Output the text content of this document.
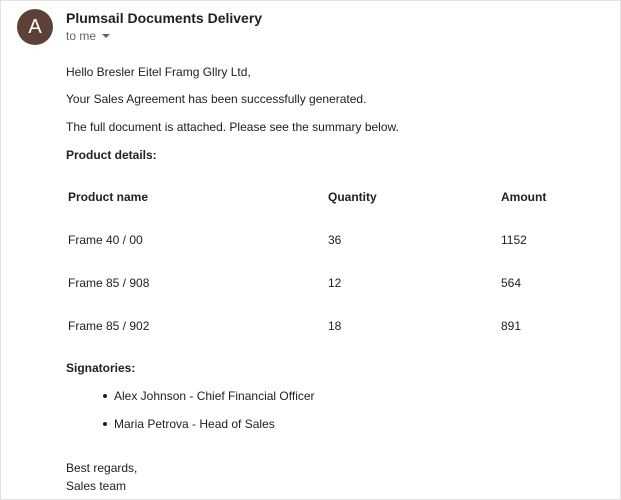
A	Plumsail Documents Delivery
to me
Hello Bresler Eitel Framg Gllry Ltd,
Your Sales Agreement has been successfully generated.
The full document is attached. Please see the summary below.
Product details:
Product name	Quantity	Amount
Frame 40 / 00	36	1152
Frame 85 / 908	12	564
Frame 85 / 902	18	891
Signatories:
Alex Johnson - Chief Financial Officer
Maria Petrova - Head of Sales
Best regards,
Sales team
